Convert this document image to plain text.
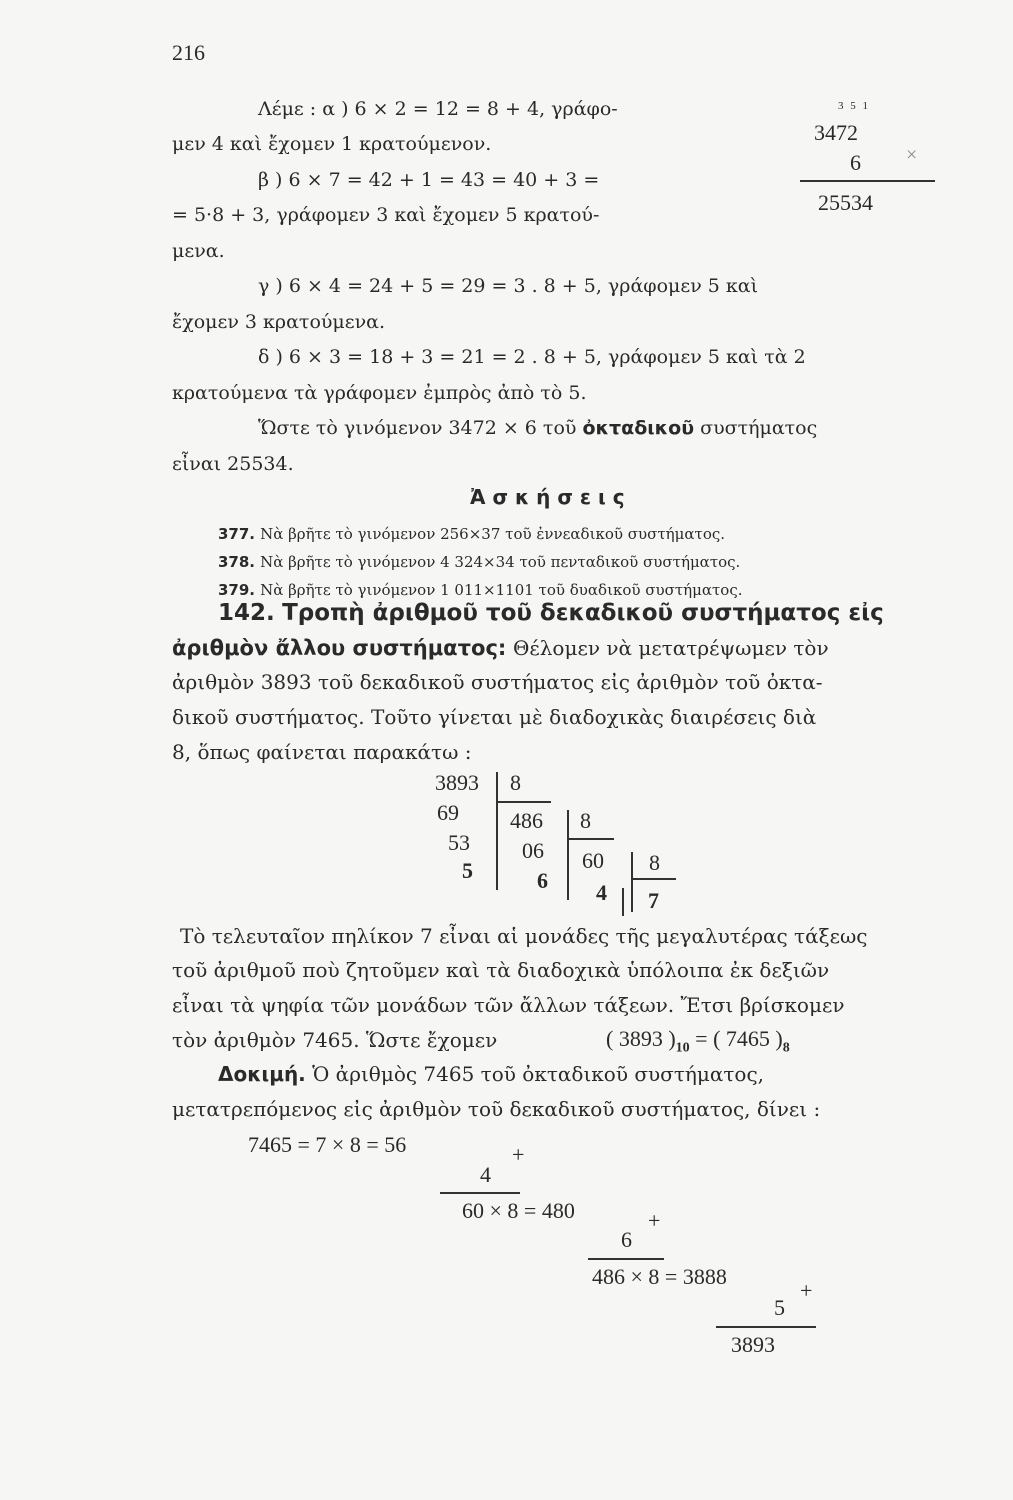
216
3 5 1
3472
6 ×
25534
Λέμε : α ) 6 × 2 = 12 = 8 + 4, γράφο-
μεν 4 καὶ ἔχομεν 1 κρατούμενον.
β ) 6 × 7 = 42 + 1 = 43 = 40 + 3 =
= 5·8 + 3, γράφομεν 3 καὶ ἔχομεν 5 κρατού-
μενα.
γ ) 6 × 4 = 24 + 5 = 29 = 3 . 8 + 5, γράφομεν 5 καὶ
ἔχομεν 3 κρατούμενα.
δ ) 6 × 3 = 18 + 3 = 21 = 2 . 8 + 5, γράφομεν 5 καὶ τὰ 2
κρατούμενα τὰ γράφομεν ἐμπρὸς ἀπὸ τὸ 5.
Ὥστε τὸ γινόμενον 3472 × 6 τοῦ ὀκταδικοῦ συστήματος
εἶναι 25534.
Ἀ σ κ ή σ ε ι ς
377. Νὰ βρῆτε τὸ γινόμενον 256×37 τοῦ ἐννεαδικοῦ συστήματος.
378. Νὰ βρῆτε τὸ γινόμενον 4 324×34 τοῦ πενταδικοῦ συστήματος.
379. Νὰ βρῆτε τὸ γινόμενον 1 011×1101 τοῦ δυαδικοῦ συστήματος.
142. Τροπὴ ἀριθμοῦ τοῦ δεκαδικοῦ συστήματος εἰς
ἀριθμὸν ἄλλου συστήματος: Θέλομεν νὰ μετατρέψωμεν τὸν
ἀριθμὸν 3893 τοῦ δεκαδικοῦ συστήματος εἰς ἀριθμὸν τοῦ ὀκτα-
δικοῦ συστήματος. Τοῦτο γίνεται μὲ διαδοχικὰς διαιρέσεις διὰ
8, ὅπως φαίνεται παρακάτω :
3893 8
69
53
5
486 8
06
6
60 8
4 7
Τὸ τελευταῖον πηλίκον 7 εἶναι αἱ μονάδες τῆς μεγαλυτέρας τάξεως
τοῦ ἀριθμοῦ ποὺ ζητοῦμεν καὶ τὰ διαδοχικὰ ὑπόλοιπα ἐκ δεξιῶν
εἶναι τὰ ψηφία τῶν μονάδων τῶν ἄλλων τάξεων. Ἔτσι βρίσκομεν
τὸν ἀριθμὸν 7465. Ὥστε ἔχομεν	( 3893 )$_{10}$ = ( 7465 )$_8$
Δοκιμή. Ὁ ἀριθμὸς 7465 τοῦ ὀκταδικοῦ συστήματος,
μετατρεπόμενος εἰς ἀριθμὸν τοῦ δεκαδικοῦ συστήματος, δίνει :
7465 = 7 × 8 = 56
4
+
60 × 8 = 480
6
+
486 × 8 = 3888
5
+
3893
